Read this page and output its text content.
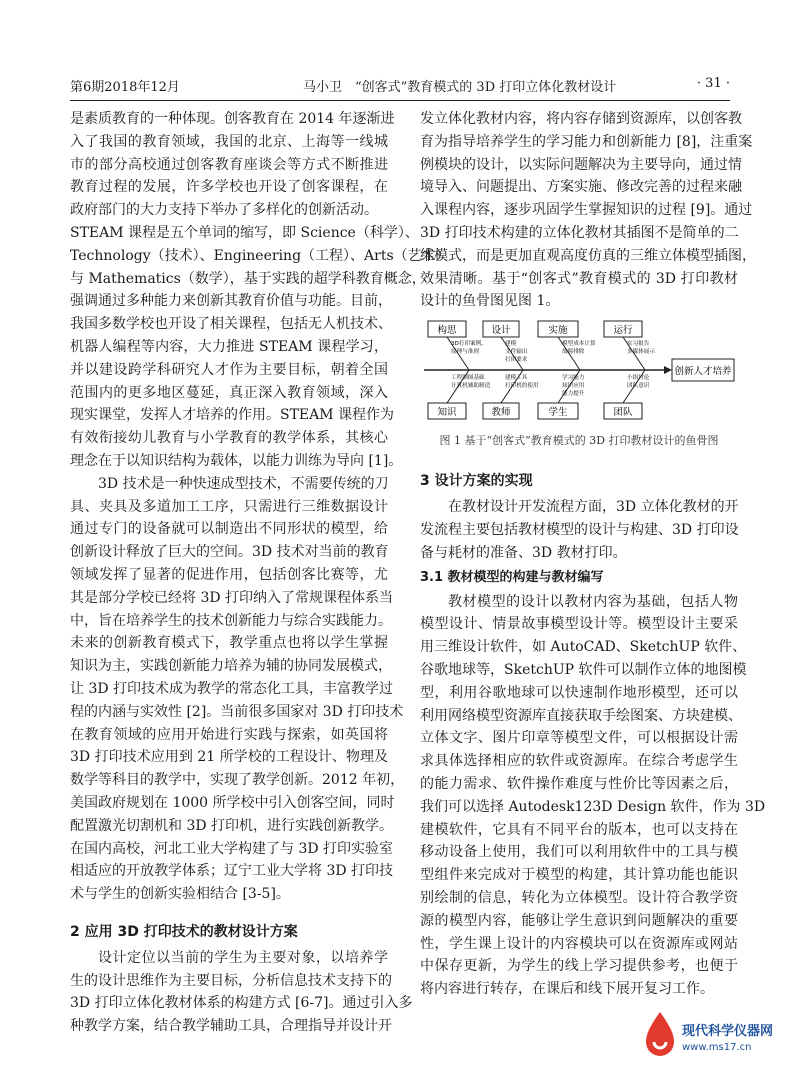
第6期2018年12月	马小卫　“创客式”教育模式的 3D 打印立体化教材设计	· 31 ·
是素质教育的一种体现。创客教育在 2014 年逐渐进
入了我国的教育领域，我国的北京、上海等一线城
市的部分高校通过创客教育座谈会等方式不断推进
教育过程的发展，许多学校也开设了创客课程，在
政府部门的大力支持下举办了多样化的创新活动。
STEAM 课程是五个单词的缩写，即 Science（科学）、
Technology（技术）、Engineering（工程）、Arts（艺术）
与 Mathematics（数学），基于实践的超学科教育概念，
强调通过多种能力来创新其教育价值与功能。目前，
我国多数学校也开设了相关课程，包括无人机技术、
机器人编程等内容，大力推进 STEAM 课程学习，
并以建设跨学科研究人才作为主要目标，朝着全国
范围内的更多地区蔓延，真正深入教育领域，深入
现实课堂，发挥人才培养的作用。STEAM 课程作为
有效衔接幼儿教育与小学教育的教学体系，其核心
理念在于以知识结构为载体，以能力训练为导向 [1]。
3D 技术是一种快速成型技术，不需要传统的刀
具、夹具及多道加工工序，只需进行三维数据设计
通过专门的设备就可以制造出不同形状的模型，给
创新设计释放了巨大的空间。3D 技术对当前的教育
领域发挥了显著的促进作用，包括创客比赛等，尤
其是部分学校已经将 3D 打印纳入了常规课程体系当
中，旨在培养学生的技术创新能力与综合实践能力。
未来的创新教育模式下，教学重点也将以学生掌握
知识为主，实践创新能力培养为辅的协同发展模式，
让 3D 打印技术成为教学的常态化工具，丰富教学过
程的内涵与实效性 [2]。当前很多国家对 3D 打印技术
在教育领域的应用开始进行实践与探索，如英国将
3D 打印技术应用到 21 所学校的工程设计、物理及
数学等科目的教学中，实现了教学创新。2012 年初，
美国政府规划在 1000 所学校中引入创客空间，同时
配置激光切割机和 3D 打印机，进行实践创新教学。
在国内高校，河北工业大学构建了与 3D 打印实验室
相适应的开放教学体系；辽宁工业大学将 3D 打印技
术与学生的创新实验相结合 [3-5]。
2 应用 3D 打印技术的教材设计方案
设计定位以当前的学生为主要对象，以培养学
生的设计思维作为主要目标，分析信息技术支持下的
3D 打印立体化教材体系的构建方式 [6-7]。通过引入多
种教学方案，结合教学辅助工具，合理指导并设计开
发立体化教材内容，将内容存储到资源库，以创客教
育为指导培养学生的学习能力和创新能力 [8]，注重案
例模块的设计，以实际问题解决为主要导向，通过情
境导入、问题提出、方案实施、修改完善的过程来融
入课程内容，逐步巩固学生掌握知识的过程 [9]。通过
3D 打印技术构建的立体化教材其插图不是简单的二
维模式，而是更加直观高度仿真的三维立体模型插图，
效果清晰。基于“创客式”教育模式的 3D 打印教材
设计的鱼骨图见图 1。
创新人才培养
构思
3D打印案例、
原理与准则
设计
建模
文件输出
打印要求
实施
模型成本计算
故障排除
运行
实习报告
多媒体展示
知识
工程制图基础
计算机辅助制造
教师
建模工具
打印机的使用
学生
学习能力
知识应用
能力提升
团队
小组讨论
团队意识
图 1 基于“创客式”教育模式的 3D 打印教材设计的鱼骨图
3 设计方案的实现
在教材设计开发流程方面，3D 立体化教材的开
发流程主要包括教材模型的设计与构建、3D 打印设
备与耗材的准备、3D 教材打印。
3.1 教材模型的构建与教材编写
教材模型的设计以教材内容为基础，包括人物
模型设计、情景故事模型设计等。模型设计主要采
用三维设计软件，如 AutoCAD、SketchUP 软件、
谷歌地球等，SketchUP 软件可以制作立体的地图模
型，利用谷歌地球可以快速制作地形模型，还可以
利用网络模型资源库直接获取手绘图案、方块建模、
立体文字、图片印章等模型文件，可以根据设计需
求具体选择相应的软件或资源库。在综合考虑学生
的能力需求、软件操作难度与性价比等因素之后，
我们可以选择 Autodesk123D Design 软件，作为 3D
建模软件，它具有不同平台的版本，也可以支持在
移动设备上使用，我们可以利用软件中的工具与模
型组件来完成对于模型的构建，其计算功能也能识
别绘制的信息，转化为立体模型。设计符合教学资
源的模型内容，能够让学生意识到问题解决的重要
性，学生课上设计的内容模块可以在资源库或网站
中保存更新，为学生的线上学习提供参考，也便于
将内容进行转存，在课后和线下展开复习工作。
现代科学仪器网
www.ms17.cn
